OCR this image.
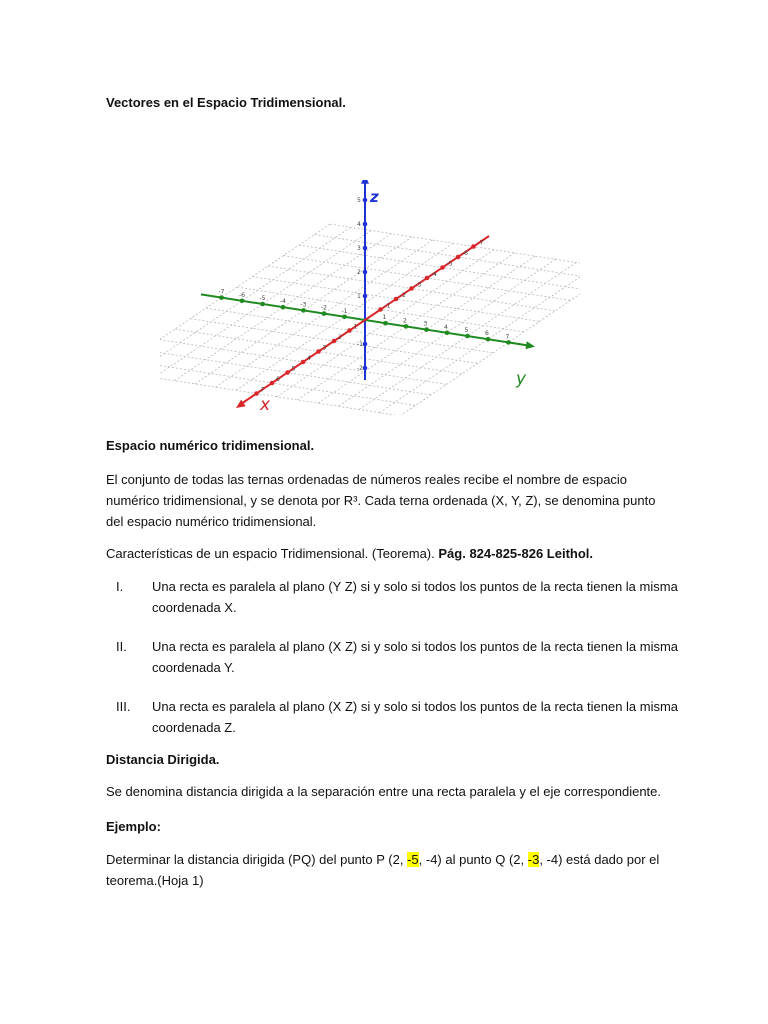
Vectores en el Espacio Tridimensional.
-7
-6
-5
-4
-3
-2
-1
1
2
3
4
5
6
7
-7 -6 -5 -4 -3 -2 -1
1	2	3	4	5	6	7
5
4
3
2
1
-1
-2
z
y
x
Espacio numérico tridimensional.
El conjunto de todas las ternas ordenadas de números reales recibe el nombre de espacio
numérico tridimensional, y se denota por R³. Cada terna ordenada (X, Y, Z), se denomina punto
del espacio numérico tridimensional.
Características de un espacio Tridimensional. (Teorema). Pág. 824-825-826 Leithol.
I.	Una recta es paralela al plano (Y Z) si y solo si todos los puntos de la recta tienen la misma
coordenada X.
II.	Una recta es paralela al plano (X Z) si y solo si todos los puntos de la recta tienen la misma
coordenada Y.
III.	Una recta es paralela al plano (X Z) si y solo si todos los puntos de la recta tienen la misma
coordenada Z.
Distancia Dirigida.
Se denomina distancia dirigida a la separación entre una recta paralela y el eje correspondiente.
Ejemplo:
Determinar la distancia dirigida (PQ) del punto P (2, -5, -4) al punto Q (2, -3, -4) está dado por el
teorema.(Hoja 1)
